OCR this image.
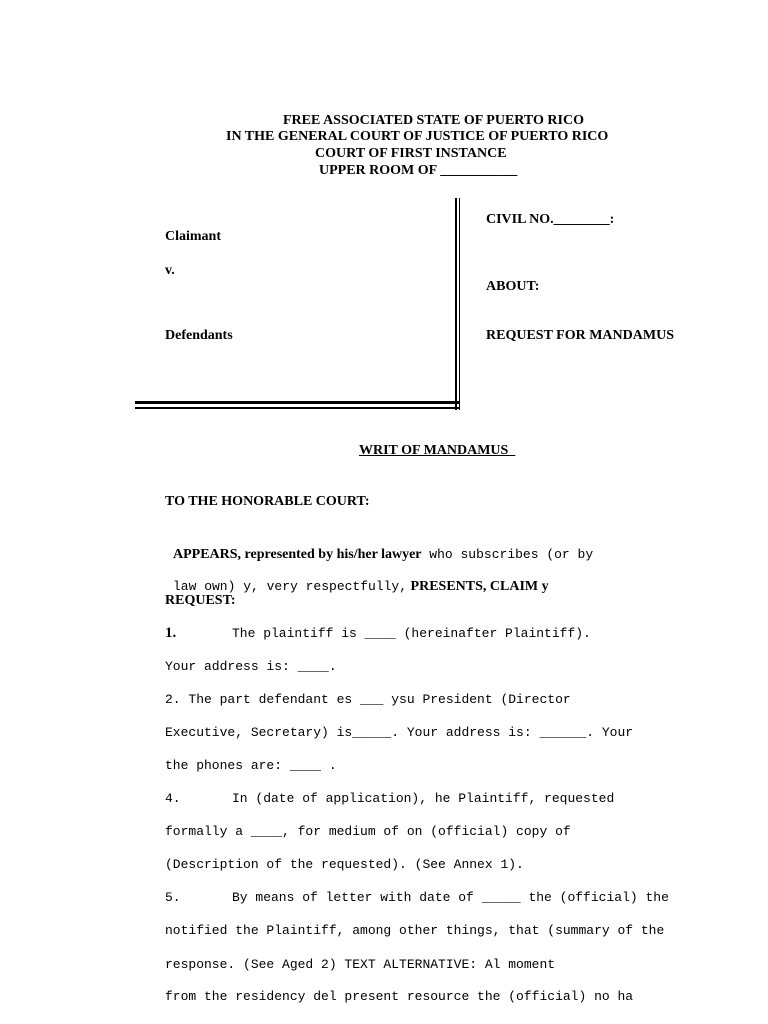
FREE ASSOCIATED STATE OF PUERTO RICO
IN THE GENERAL COURT OF JUSTICE OF PUERTO RICO
COURT OF FIRST INSTANCE
UPPER ROOM OF ___________
Claimant
v.
Defendants
CIVIL NO.________:
ABOUT:
REQUEST FOR MANDAMUS
WRIT OF MANDAMUS
TO THE HONORABLE COURT:

APPEARS, represented by his/her lawyer who subscribes (or by

law own) y, very respectfully, PRESENTS, CLAIM y

REQUEST:
1.	The plaintiff is ____ (hereinafter Plaintiff).
Your address is: ____.
2. The part defendant es ___ ysu President (Director
Executive, Secretary) is_____. Your address is: ______. Your
the phones are: ____ .
4.	In (date of application), he Plaintiff, requested
formally a ____, for medium of on (official) copy of
(Description of the requested). (See Annex 1).
5.	By means of letter with date of _____ the (official) the
notified the Plaintiff, among other things, that (summary of the
response. (See Aged 2) TEXT ALTERNATIVE: Al moment
from the residency del present resource the (official) no ha
